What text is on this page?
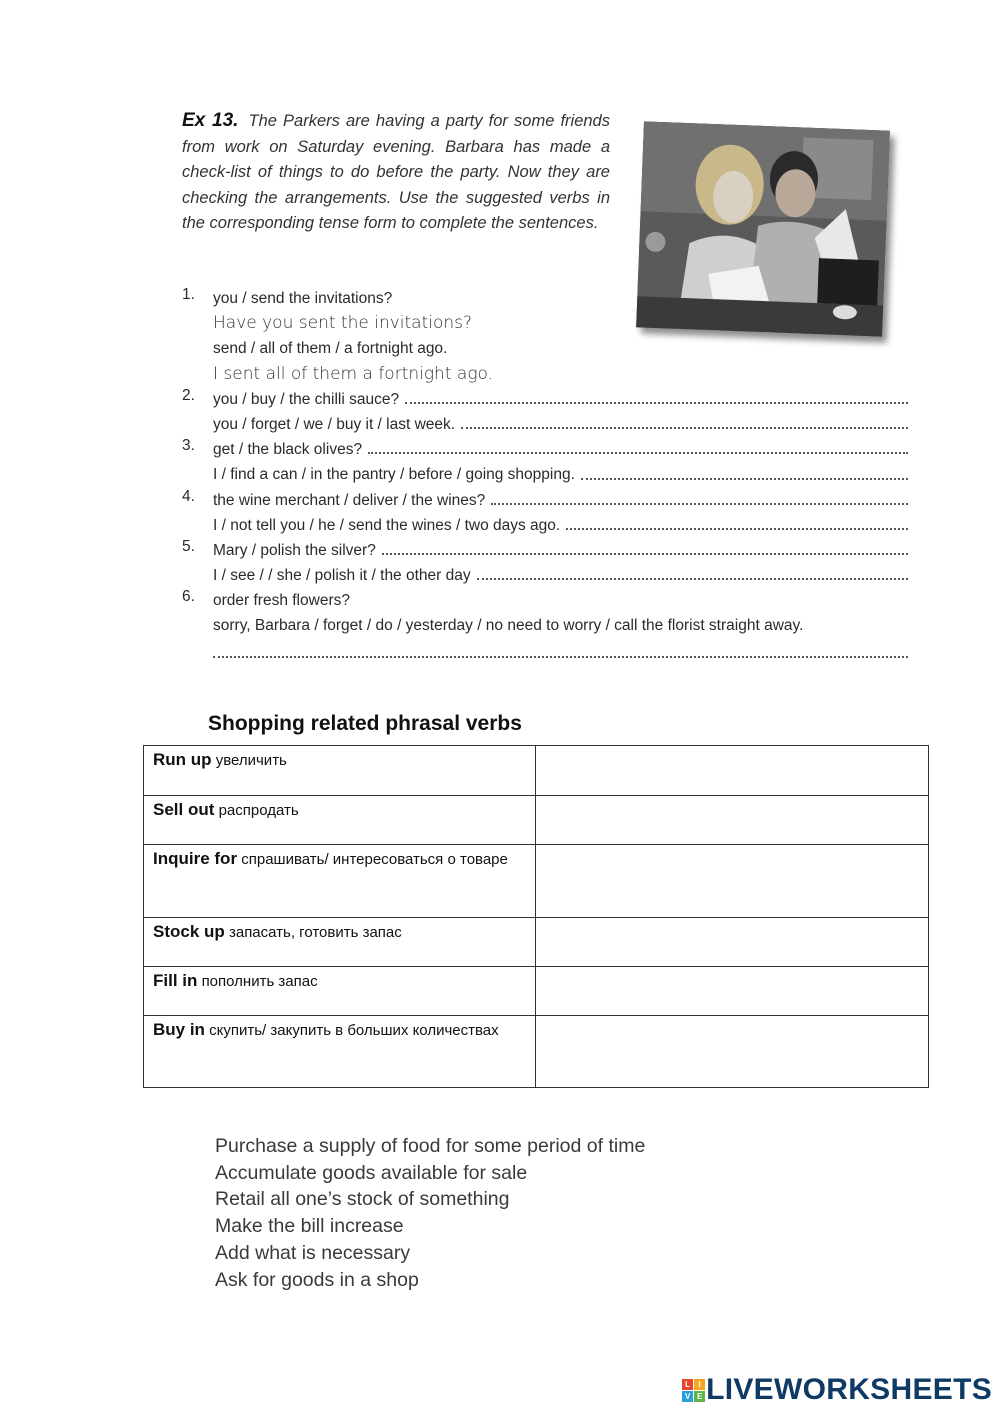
Ex 13. The Parkers are having a party for some friends from work on Saturday evening. Barbara has made a check-list of things to do before the party. Now they are checking the arrangements. Use the suggested verbs in the corresponding tense form to complete the sentences.
1. you / send the invitations?
Have you sent the invitations?
send / all of them / a fortnight ago.
I sent all of them a fortnight ago.
2. you / buy / the chilli sauce?
you / forget / we / buy it / last week.
3. get / the black olives?
I / find a can / in the pantry / before / going shopping.
4. the wine merchant / deliver / the wines?
I / not tell you / he / send the wines / two days ago.
5. Mary / polish the silver?
I / see / / she / polish it / the other day
6. order fresh flowers?
sorry, Barbara / forget / do / yesterday / no need to worry / call the florist straight away.
Shopping related phrasal verbs
Run up увеличить	
Sell out распродать	
Inquire for спрашивать/ интересоваться о товаре	
Stock up запасать, готовить запас	
Fill in пополнить запас	
Buy in скупить/ закупить в больших количествах	
Purchase a supply of food for some period of time
Accumulate goods available for sale
Retail all one’s stock of something
Make the bill increase
Add what is necessary
Ask for goods in a shop
L	I
V E LIVEWORKSHEETS
